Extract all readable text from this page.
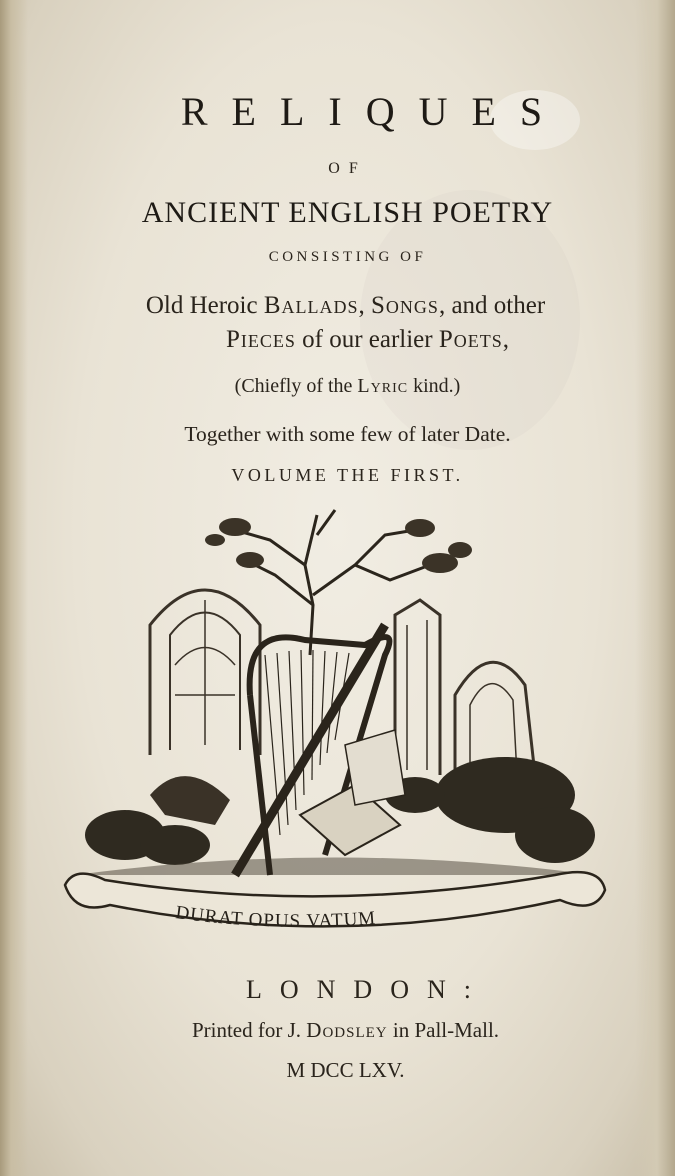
RELIQUES
OF
ANCIENT ENGLISH POETRY
CONSISTING OF
Old Heroic Ballads, Songs, and other
Pieces of our earlier Poets,
(Chiefly of the Lyric kind.)
Together with some few of later Date.
VOLUME THE FIRST.
DURAT OPUS VATUM
LONDON:
Printed for J. Dodsley in Pall-Mall.
M DCC LXV.
